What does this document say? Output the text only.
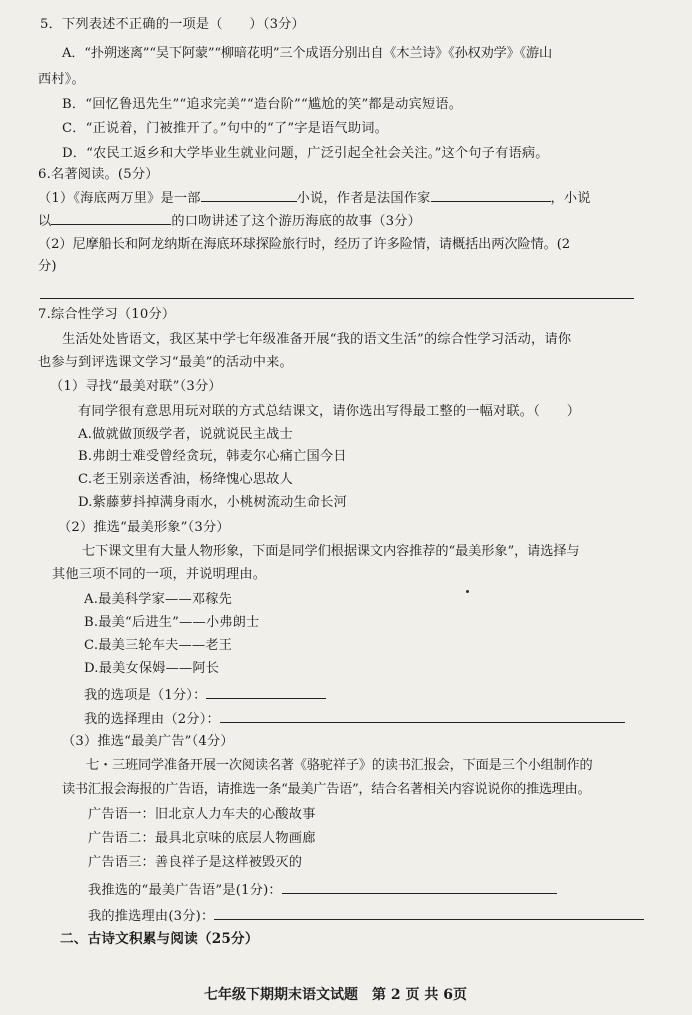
5．下列表述不正确的一项是（　　）（3分）
A．“扑朔迷离”“吴下阿蒙”“柳暗花明”三个成语分别出自《木兰诗》《孙权劝学》《游山
西村》。
B．“回忆鲁迅先生”“追求完美”“造台阶”“尴尬的笑”都是动宾短语。
C．“正说着，门被推开了。”句中的“了”字是语气助词。
D．“农民工返乡和大学毕业生就业问题，广泛引起全社会关注。”这个句子有语病。
6.名著阅读。(5分）
（1）《海底两万里》是一部	小说，作者是法国作家	，小说
以	的口吻讲述了这个游历海底的故事（3分）
（2）尼摩船长和阿龙纳斯在海底环球探险旅行时，经历了许多险情，请概括出两次险情。(2
分)
7.综合性学习（10分）
生活处处皆语文，我区某中学七年级准备开展“我的语文生活”的综合性学习活动，请你
也参与到评选课文学习“最美”的活动中来。
（1）寻找“最美对联”（3分）
有同学很有意思用玩对联的方式总结课文，请你选出写得最工整的一幅对联。（　　）
A.做就做顶级学者，说就说民主战士
B.弗朗士难受曾经贪玩，韩麦尔心痛亡国今日
C.老王别亲送香油，杨绛愧心思故人
D.紫藤萝抖掉满身雨水，小桃树流动生命长河
（2）推选“最美形象”（3分）
七下课文里有大量人物形象，下面是同学们根据课文内容推荐的“最美形象”，请选择与
其他三项不同的一项，并说明理由。
A.最美科学家——邓稼先
B.最美“后进生”——小弗朗士
C.最美三轮车夫——老王
D.最美女保姆——阿长
我的选项是（1分）：
我的选择理由（2分）：
（3）推选“最美广告”（4分）
七・三班同学准备开展一次阅读名著《骆驼祥子》的读书汇报会，下面是三个小组制作的
读书汇报会海报的广告语，请推选一条“最美广告语”，结合名著相关内容说说你的推选理由。
广告语一：旧北京人力车夫的心酸故事
广告语二：最具北京味的底层人物画廊
广告语三：善良祥子是这样被毁灭的
我推选的“最美广告语”是(1分)：
我的推选理由(3分)：
二、古诗文积累与阅读（25分）
七年级下期期末语文试题　第 2 页 共 6页
